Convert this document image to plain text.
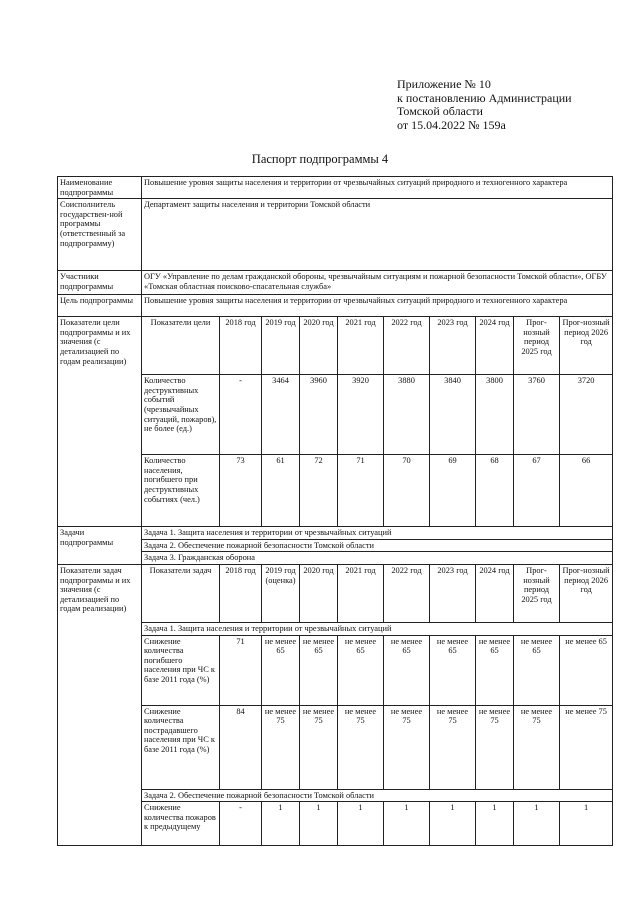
Приложение № 10
к постановлению Администрации
Томской области
от 15.04.2022 № 159а
Паспорт подпрограммы 4
Наименование подпрограммы	Повышение уровня защиты населения и территории от чрезвычайных ситуаций природного и техногенного характера									
Соисполнитель государствен-ной программы (ответственный за подпрограмму)	Департамент защиты населения и территории Томской области									
Участники подпрограммы	ОГУ «Управление по делам гражданской обороны, чрезвычайным ситуациям и пожарной безопасности Томской области», ОГБУ «Томская областная поисково-спасательная служба»									
Цель подпрограммы	Повышение уровня защиты населения и территории от чрезвычайных ситуаций природного и техногенного характера									
Показатели цели подпрограммы и их значения (с детализацией по годам реализации)	Показатели цели	2018 год	2019 год	2020 год	2021 год	2022 год	2023 год	2024 год	Прог-нозный период 2025 год	Прог-нозный период 2026 год
	Количество деструктивных событий (чрезвычайных ситуаций, пожаров), не более (ед.)	-	3464	3960	3920	3880	3840	3800	3760	3720
	Количество населения, погибшего при деструктивных событиях (чел.)	73	61	72	71	70	69	68	67	66
Задачи подпрограммы	Задача 1. Защита населения и территории от чрезвычайных ситуаций									
	Задача 2. Обеспечение пожарной безопасности Томской области									
	Задача 3. Гражданская оборона									
Показатели задач подпрограммы и их значения (с детализацией по годам реализации)	Показатели задач	2018 год	2019 год (оценка)	2020 год	2021 год	2022 год	2023 год	2024 год	Прог-нозный период 2025 год	Прог-нозный период 2026 год
	Задача 1. Защита населения и территории от чрезвычайных ситуаций									
	Снижение количества погибшего населения при ЧС к базе 2011 года (%)	71	не менее 65	не менее 65	не менее 65	не менее 65	не менее 65	не менее 65	не менее 65	не менее 65
	Снижение количества пострадавшего населения при ЧС к базе 2011 года (%)	84	не менее 75	не менее 75	не менее 75	не менее 75	не менее 75	не менее 75	не менее 75	не менее 75
	Задача 2. Обеспечение пожарной безопасности Томской области									
	Снижение количества пожаров к предыдущему	-	1	1	1	1	1	1	1	1
